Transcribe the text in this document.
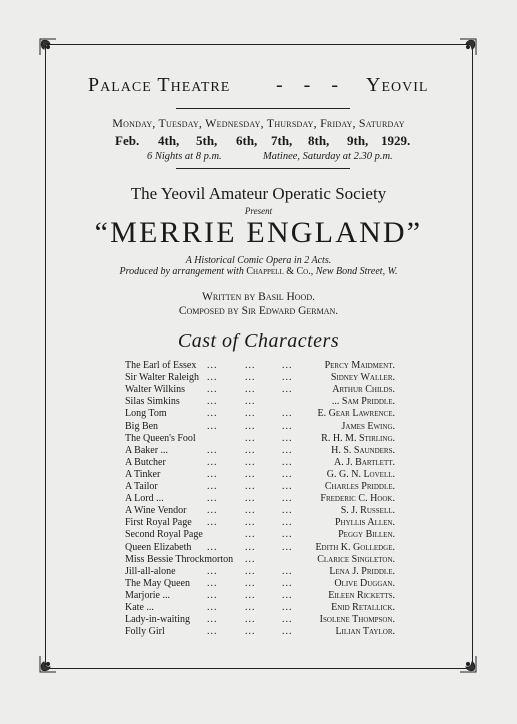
Palace Theatre - - - Yeovil
Monday, Tuesday, Wednesday, Thursday, Friday, Saturday
Feb. 4th, 5th, 6th, 7th, 8th, 9th, 1929.
6 Nights at 8 p.m.	Matinee, Saturday at 2.30 p.m.
The Yeovil Amateur Operatic Society
Present
“MERRIE ENGLAND”
A Historical Comic Opera in 2 Acts.
Produced by arrangement with Chappell & Co., New Bond Street, W.
Written by Basil Hood.
Composed by Sir Edward German.
Cast of Characters
The Earl of Essex ...	...	...	Percy Maidment.
Sir Walter Raleigh ...	...	...	Sidney Waller.
Walter Wilkins ...	...	...	Arthur Childs.
Silas Simkins	...	...	... Sam Priddle.
Long Tom	...	...	...	E. Gear Lawrence.
Big Ben	...	...	...	James Ewing.
The Queen's Fool	...	...	R. H. M. Stirling.
A Baker ...	...	...	...	H. S. Saunders.
A Butcher	...	...	...	A. J. Bartlett.
A Tinker	...	...	...	G. G. N. Lovell.
A Tailor	...	...	...	Charles Priddle.
A Lord ...	...	...	...	Frederic C. Hook.
A Wine Vendor ...	...	...	S. J. Russell.
First Royal Page ...	...	...	Phyllis Allen.
Second Royal Page	...	...	Peggy Billen.
Queen Elizabeth ...	...	... Edith K. Golledge.
Miss Bessie Throckmorton ...	Clarice Singleton.
Jill-all-alone	...	...	...	Lena J. Priddle.
The May Queen ...	...	...	Olive Duggan.
Marjorie ...	...	...	...	Eileen Ricketts.
Kate ...	...	...	...	Enid Retallick.
Lady-in-waiting ...	...	...	Isolene Thompson.
Folly Girl	...	...	...	Lilian Taylor.
